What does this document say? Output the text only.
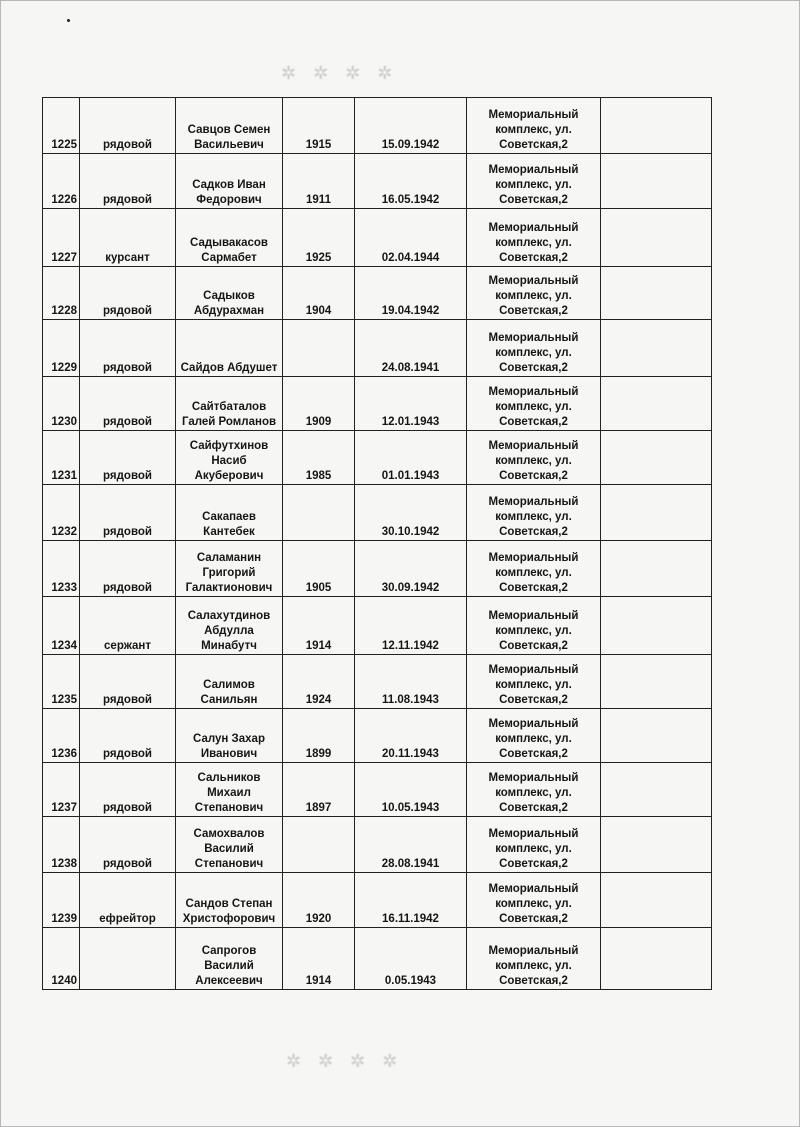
✲ ✲ ✲ ✲
✲ ✲ ✲ ✲
1225	рядовой	Савцов Семен
Васильевич	1915	15.09.1942	Мемориальный
комплекс, ул.
Советская,2	

1226	рядовой	Садков Иван
Федорович	1911	16.05.1942	Мемориальный
комплекс, ул.
Советская,2	

1227	курсант	Садывакасов
Сармабет	1925	02.04.1944	Мемориальный
комплекс, ул.
Советская,2	

1228	рядовой	Садыков
Абдурахман	1904	19.04.1942	Мемориальный
комплекс, ул.
Советская,2	

1229	рядовой	Сайдов Абдушет		24.08.1941	Мемориальный
комплекс, ул.
Советская,2	

1230	рядовой	Сайтбаталов
Галей Ромланов	1909	12.01.1943	Мемориальный
комплекс, ул.
Советская,2	

1231	рядовой	Сайфутхинов
Насиб
Акуберович	1985	01.01.1943	Мемориальный
комплекс, ул.
Советская,2	

1232	рядовой	Сакапаев
Кантебек		30.10.1942	Мемориальный
комплекс, ул.
Советская,2	

1233	рядовой	Саламанин
Григорий
Галактионович	1905	30.09.1942	Мемориальный
комплекс, ул.
Советская,2	

1234	сержант	Салахутдинов
Абдулла
Минабутч	1914	12.11.1942	Мемориальный
комплекс, ул.
Советская,2	

1235	рядовой	Салимов
Санильян	1924	11.08.1943	Мемориальный
комплекс, ул.
Советская,2	

1236	рядовой	Салун Захар
Иванович	1899	20.11.1943	Мемориальный
комплекс, ул.
Советская,2	

1237	рядовой	Сальников
Михаил
Степанович	1897	10.05.1943	Мемориальный
комплекс, ул.
Советская,2	

1238	рядовой	Самохвалов
Василий
Степанович		28.08.1941	Мемориальный
комплекс, ул.
Советская,2	

1239	ефрейтор	Сандов Степан
Христофорович	1920	16.11.1942	Мемориальный
комплекс, ул.
Советская,2	

1240		Сапрогов
Василий
Алексеевич	1914	0.05.1943	Мемориальный
комплекс, ул.
Советская,2	
